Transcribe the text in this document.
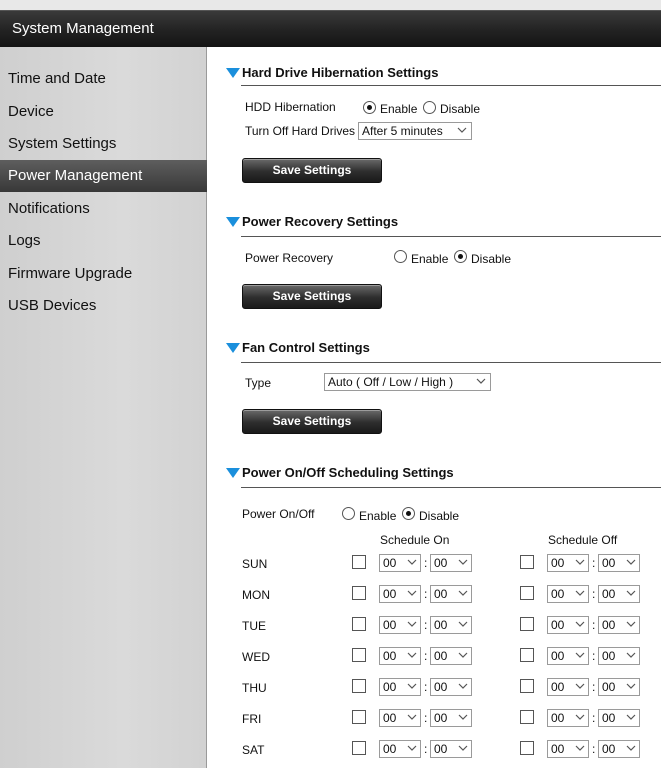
System Management
Time and Date
Device
System Settings
Power Management
Notifications
Logs
Firmware Upgrade
USB Devices
Hard Drive Hibernation Settings
HDD Hibernation	Enable Disable
Turn Off Hard Drives After 5 minutes
Save Settings
Power Recovery Settings
Power Recovery	Enable Disable
Save Settings
Fan Control Settings
Type	Auto ( Off / Low / High )
Save Settings
Power On/Off Scheduling Settings
Power On/Off	Enable Disable
Schedule On	Schedule Off
SUN	00	: 00	00	: 00
MON	00	: 00	00	: 00
TUE	00	: 00	00	: 00
WED	00	: 00	00	: 00
THU	00	: 00	00	: 00
FRI	00	: 00	00	: 00
SAT	00	: 00	00	: 00
